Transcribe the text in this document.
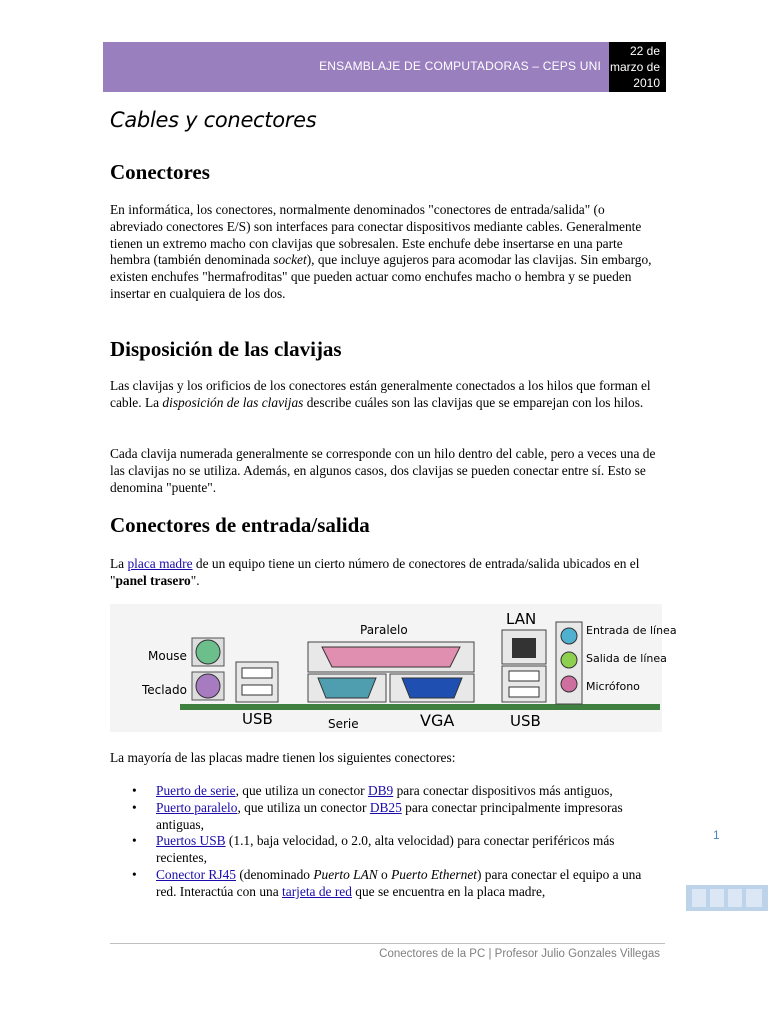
ENSAMBLAJE DE COMPUTADORAS – CEPS UNI
22 de
marzo de
2010
Cables y conectores
Conectores

En informática, los conectores, normalmente denominados "conectores de entrada/salida" (o abreviado conectores E/S) son interfaces para conectar dispositivos mediante cables. Generalmente tienen un extremo macho con clavijas que sobresalen. Este enchufe debe insertarse en una parte hembra (también denominada socket), que incluye agujeros para acomodar las clavijas. Sin embargo, existen enchufes "hermafroditas" que pueden actuar como enchufes macho o hembra y se pueden insertar en cualquiera de los dos.

Disposición de las clavijas

Las clavijas y los orificios de los conectores están generalmente conectados a los hilos que forman el cable. La disposición de las clavijas describe cuáles son las clavijas que se emparejan con los hilos.

Cada clavija numerada generalmente se corresponde con un hilo dentro del cable, pero a veces una de las clavijas no se utiliza. Además, en algunos casos, dos clavijas se pueden conectar entre sí. Esto se denomina "puente".

Conectores de entrada/salida

La placa madre de un equipo tiene un cierto número de conectores de entrada/salida ubicados en el "panel trasero".

Mouse
Teclado
USB
Paralelo
Serie	VGA
LAN
USB
Entrada de línea
Salida de línea
Micrófono

La mayoría de las placas madre tienen los siguientes conectores:

• Puerto de serie, que utiliza un conector DB9 para conectar dispositivos más antiguos,
• Puerto paralelo, que utiliza un conector DB25 para conectar principalmente impresoras antiguas,
• Puertos USB (1.1, baja velocidad, o 2.0, alta velocidad) para conectar periféricos más recientes,
• Conector RJ45 (denominado Puerto LAN o Puerto Ethernet) para conectar el equipo a una red. Interactúa con una tarjeta de red que se encuentra en la placa madre,
1
Conectores de la PC | Profesor Julio Gonzales Villegas
